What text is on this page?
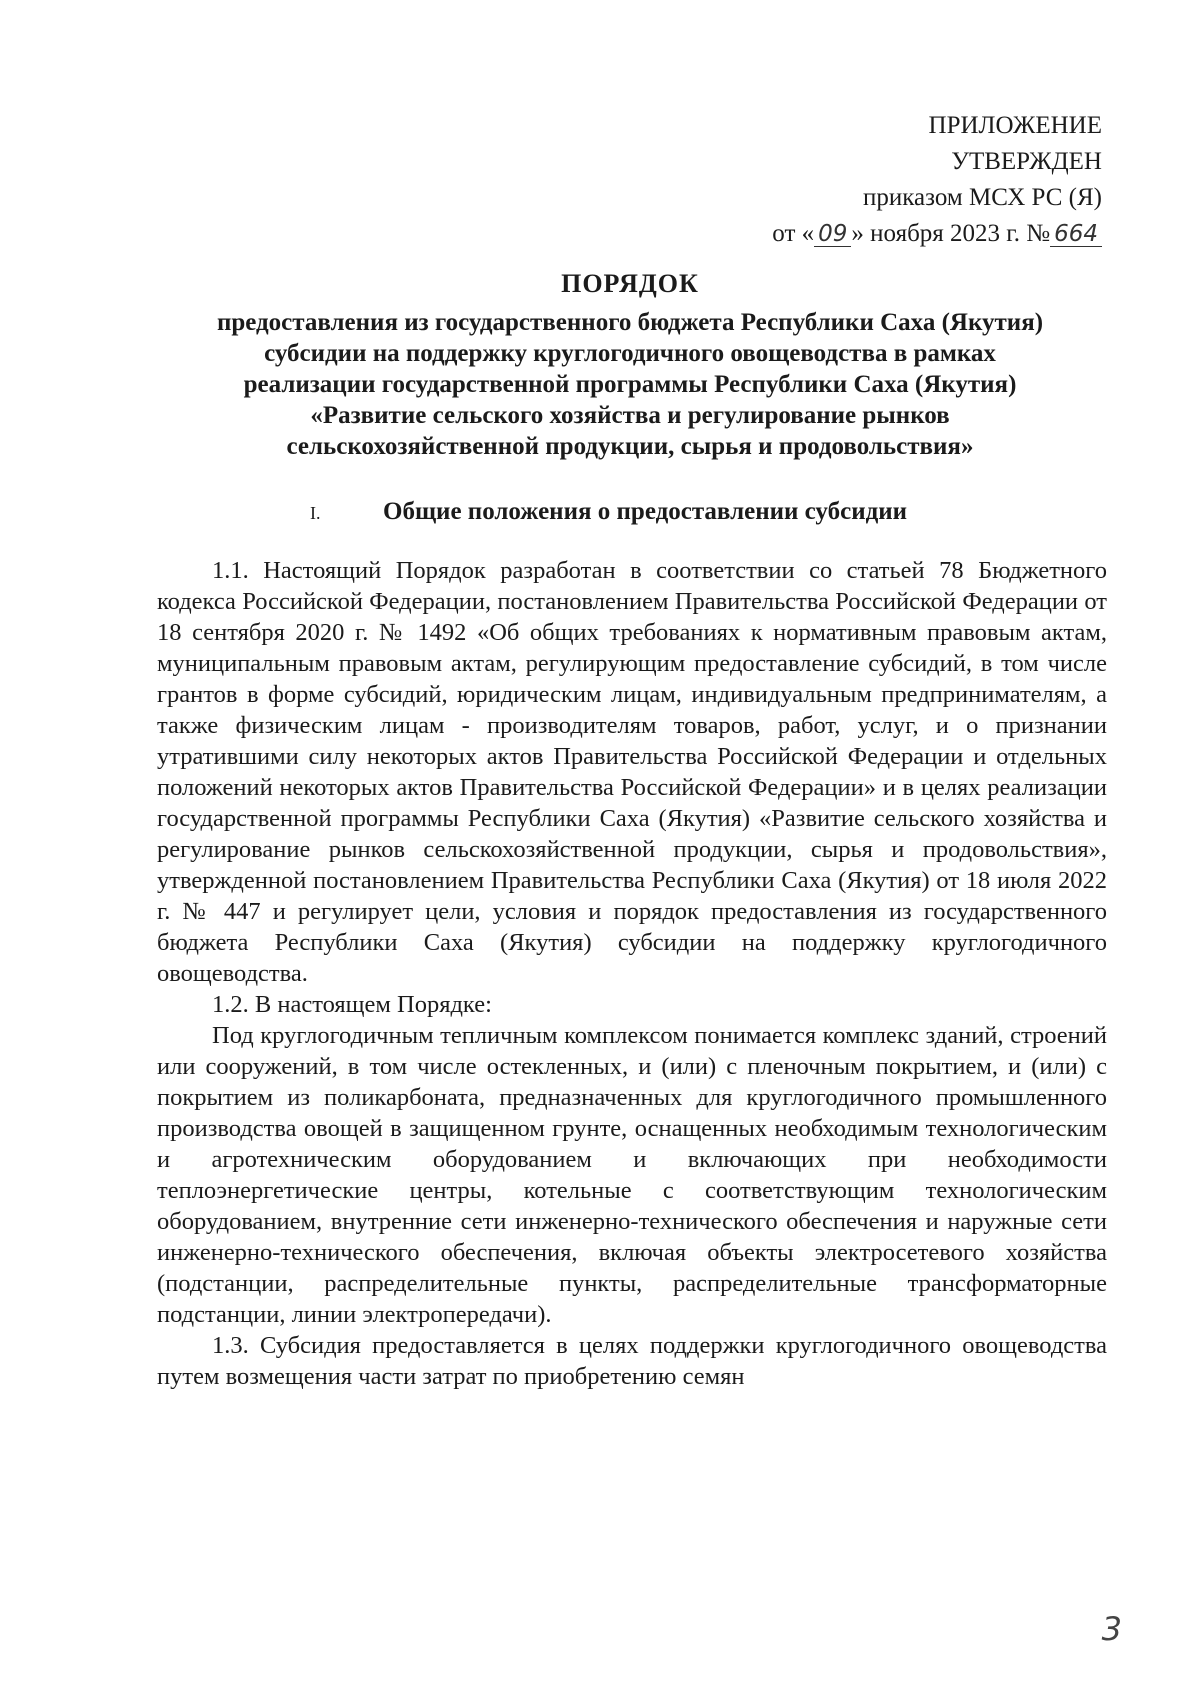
ПРИЛОЖЕНИЕ
УТВЕРЖДЕН
приказом МСХ РС (Я)
от « 09 » ноября 2023 г. № 664
ПОРЯДОК
предоставления из государственного бюджета Республики Саха (Якутия)
субсидии на поддержку круглогодичного овощеводства в рамках
реализации государственной программы Республики Саха (Якутия)
«Развитие сельского хозяйства и регулирование рынков
сельскохозяйственной продукции, сырья и продовольствия»
I.	Общие положения о предоставлении субсидии

1.1. Настоящий Порядок разработан в соответствии со статьей 78 Бюджетного кодекса Российской Федерации, постановлением Правительства Российской Федерации от 18 сентября 2020 г. № 1492 «Об общих требованиях к нормативным правовым актам, муниципальным правовым актам, регулирующим предоставление субсидий, в том числе грантов в форме субсидий, юридическим лицам, индивидуальным предпринимателям, а также физическим лицам - производителям товаров, работ, услуг, и о признании утратившими силу некоторых актов Правительства Российской Федерации и отдельных положений некоторых актов Правительства Российской Федерации» и в целях реализации государственной программы Республики Саха (Якутия) «Развитие сельского хозяйства и регулирование рынков сельскохозяйственной продукции, сырья и продовольствия», утвержденной постановлением Правительства Республики Саха (Якутия) от 18 июля 2022 г. № 447 и регулирует цели, условия и порядок предоставления из государственного бюджета Республики Саха (Якутия) субсидии на поддержку круглогодичного овощеводства.

1.2. В настоящем Порядке:

Под круглогодичным тепличным комплексом понимается комплекс зданий, строений или сооружений, в том числе остекленных, и (или) с пленочным покрытием, и (или) с покрытием из поликарбоната, предназначенных для круглогодичного промышленного производства овощей в защищенном грунте, оснащенных необходимым технологическим и агротехническим оборудованием и включающих при необходимости теплоэнергетические центры, котельные с соответствующим технологическим оборудованием, внутренние сети инженерно-технического обеспечения и наружные сети инженерно-технического обеспечения, включая объекты электросетевого хозяйства (подстанции, распределительные пункты, распределительные трансформаторные подстанции, линии электропередачи).

1.3. Субсидия предоставляется в целях поддержки круглогодичного овощеводства путем возмещения части затрат по приобретению семян

3
